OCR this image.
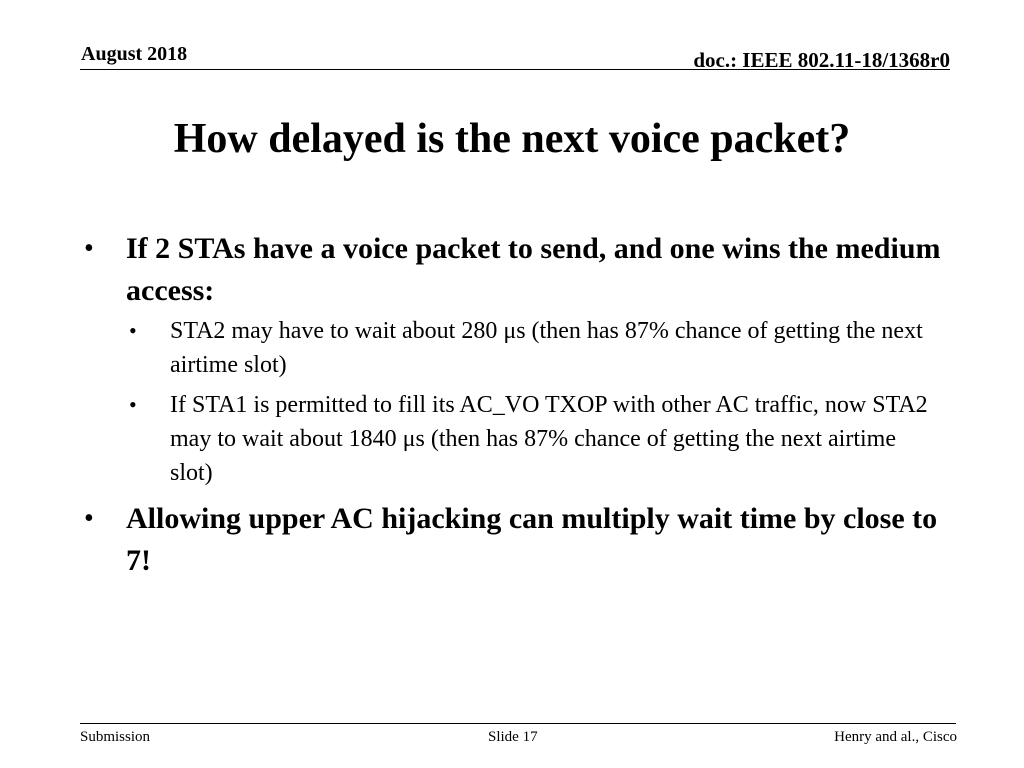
August 2018	doc.: IEEE 802.11-18/1368r0
How delayed is the next voice packet?
• If 2 STAs have a voice packet to send, and one wins the medium access:
• STA2 may have to wait about 280 μs (then has 87% chance of getting the next airtime slot)
• If STA1 is permitted to fill its AC_VO TXOP with other AC traffic, now STA2 may to wait about 1840 μs (then has 87% chance of getting the next airtime slot)
• Allowing upper AC hijacking can multiply wait time by close to 7!
Submission	Slide 17	Henry and al., Cisco
